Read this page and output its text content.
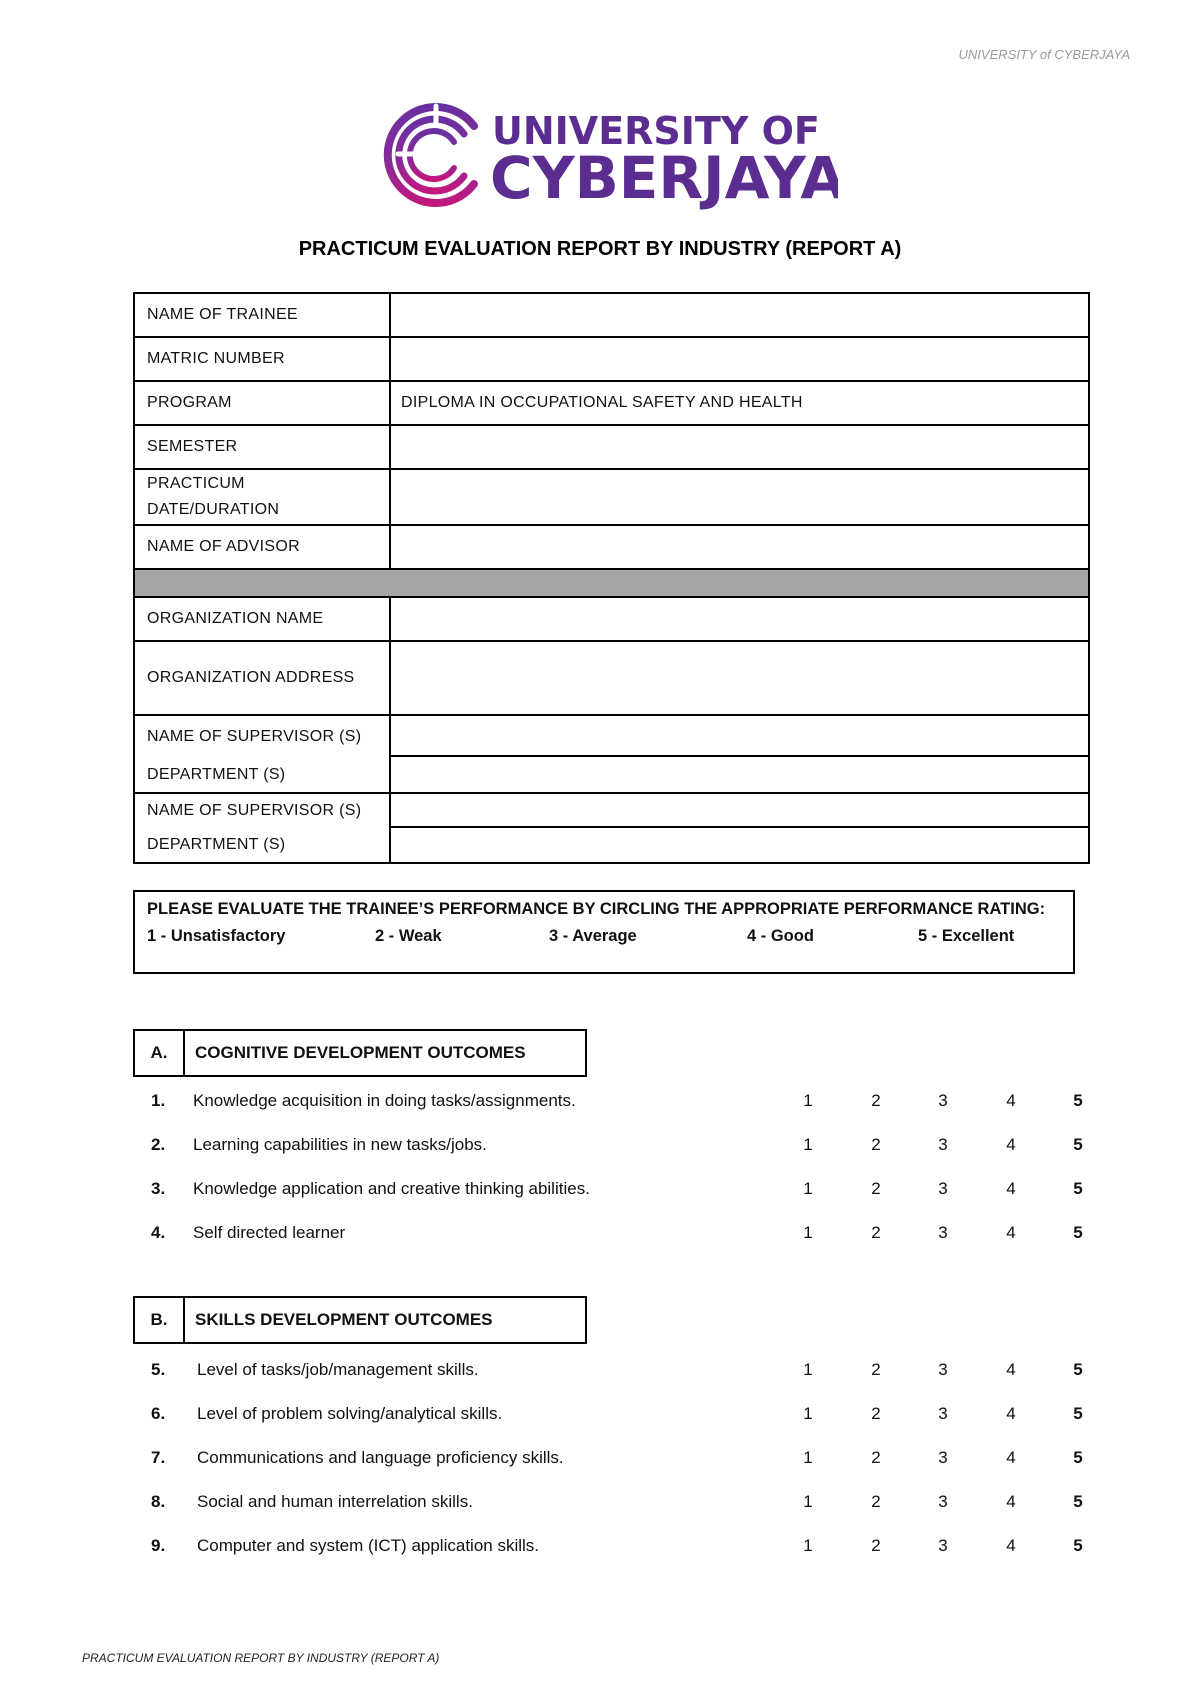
UNIVERSITY of CYBERJAYA
UNIVERSITY OF
CYBERJAYA
PRACTICUM EVALUATION REPORT BY INDUSTRY (REPORT A)
NAME OF TRAINEE
MATRIC NUMBER
PROGRAM	DIPLOMA IN OCCUPATIONAL SAFETY AND HEALTH
SEMESTER
PRACTICUM
DATE/DURATION
NAME OF ADVISOR
ORGANIZATION NAME
ORGANIZATION ADDRESS
NAME OF SUPERVISOR (S)
DEPARTMENT (S)
NAME OF SUPERVISOR (S)
DEPARTMENT (S)
PLEASE EVALUATE THE TRAINEE’S PERFORMANCE BY CIRCLING THE APPROPRIATE PERFORMANCE RATING:
1 - Unsatisfactory	2 - Weak	3 - Average	4 - Good	5 - Excellent
A.	COGNITIVE DEVELOPMENT OUTCOMES
1. Knowledge acquisition in doing tasks/assignments.	1	2	3	4	5
2. Learning capabilities in new tasks/jobs.	1	2	3	4	5
3. Knowledge application and creative thinking abilities.	1	2	3	4	5
4. Self directed learner	1	2	3	4	5
B.	SKILLS DEVELOPMENT OUTCOMES
5. Level of tasks/job/management skills.	1	2	3	4	5
6. Level of problem solving/analytical skills.	1	2	3	4	5
7. Communications and language proficiency skills.	1	2	3	4	5
8. Social and human interrelation skills.	1	2	3	4	5
9. Computer and system (ICT) application skills.	1	2	3	4	5
PRACTICUM EVALUATION REPORT BY INDUSTRY (REPORT A)
